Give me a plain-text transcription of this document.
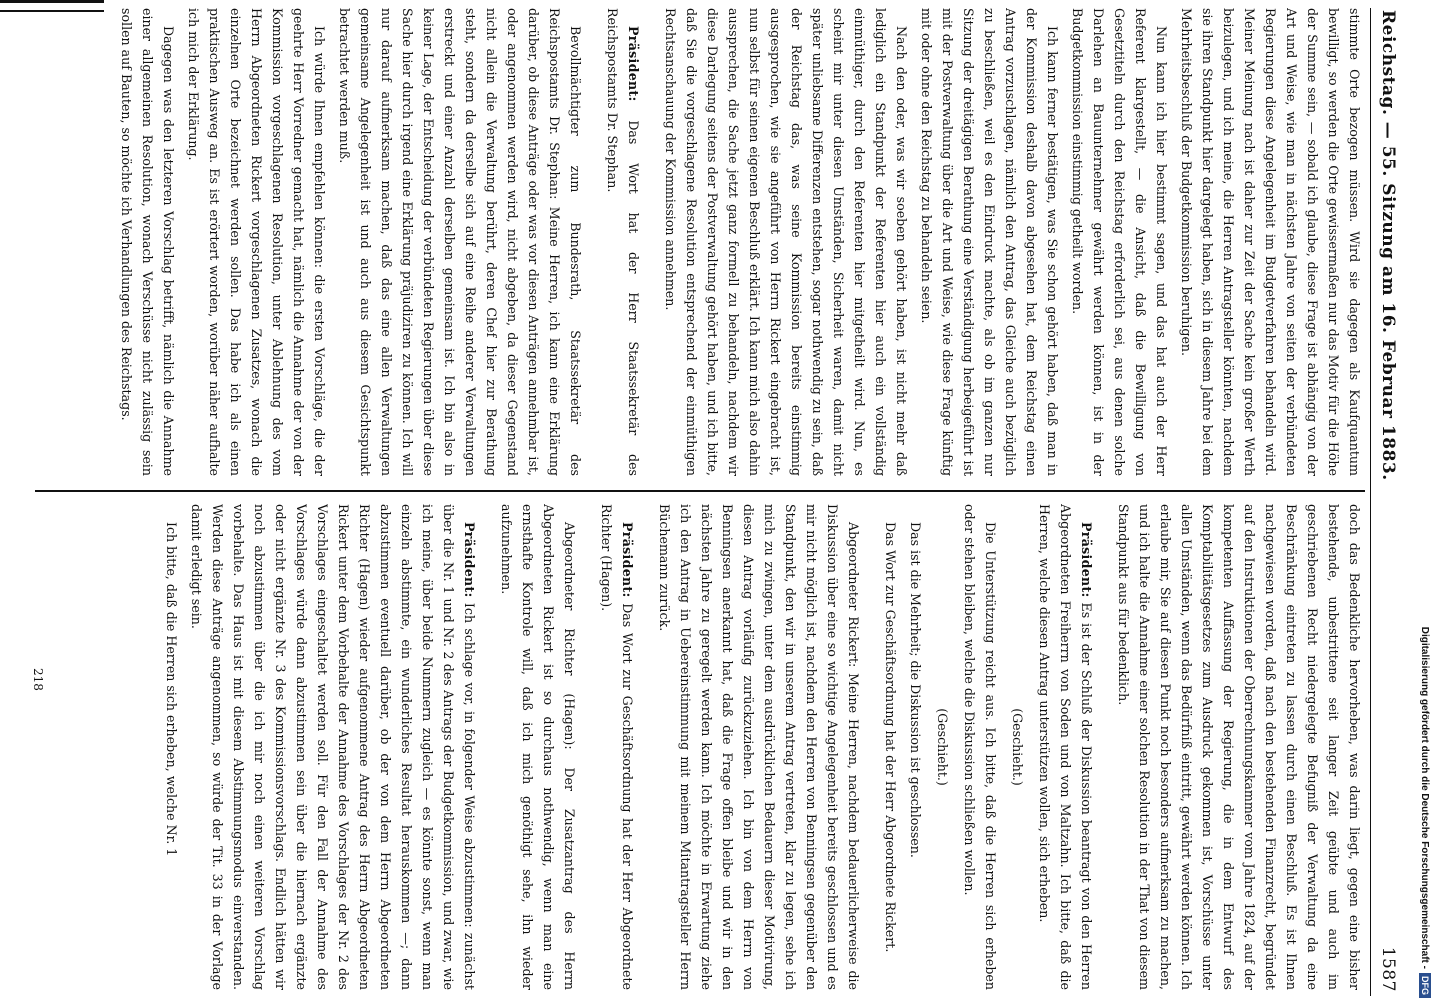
Reichstag. — 55. Sitzung am 16. Februar 1883.
1587

stimmte Orte bezogen müssen. Wird sie dagegen als Kaufquantum bewilligt, so werden die Orte gewissermaßen nur das Motiv für die Höhe der Summe sein, — sobald ich glaube, diese Frage ist abhängig von der Art und Weise, wie man in nächsten Jahre von seiten der verbündeten Regierungen diese Angelegenheit im Budgetverfahren behandeln wird. Meiner Meinung nach ist daher zur Zeit der Sache kein großer Werth beizulegen, und ich meine, die Herren Antragsteller könnten, nachdem sie ihren Standpunkt hier dargelegt haben, sich in diesem Jahre bei dem Mehrheitsbeschluß der Budgetkommission beruhigen.

Nun kann ich hier bestimmt sagen, und das hat auch der Herr Referent klargestellt, — die Ansicht, daß die Bewilligung von Gesetztiteln durch den Reichstag erforderlich sei, aus denen solche Darlehen an Bauunternehmer gewährt werden können, ist in der Budgetkommission einstimmig getheilt worden.

Ich kann ferner bestätigen, was Sie schon gehört haben, daß man in der Kommission deshalb davon abgesehen hat, dem Reichstag einen Antrag vorzuschlagen, nämlich den Antrag, das Gleiche auch bezüglich zu beschließen, weil es den Eindruck machte, als ob im ganzen nur Sitzung der dreitägigen Berathung eine Verständigung herbeigeführt ist mit der Postverwaltung über die Art und Weise, wie diese Frage künftig mit oder ohne den Reichstag zu behandeln seien.

Nach den oder, was wir soeben gehört haben, ist nicht mehr daß lediglich ein Standpunkt der Referenten hier auch ein vollständig einmüthiger, durch den Referenten hier mitgetheilt wird. Nun, es scheint mir unter diesen Umständen, Sicherheit waren, damit nicht später unliebsame Differenzen entstehen, sogar nothwendig zu sein, daß der Reichstag das, was seine Kommission bereits einstimmig ausgesprochen, wie sie angeführt von Herrn Rickert eingebracht ist, nun selbst für seinen eigenen Beschluß erklärt. Ich kann mich also dahin aussprechen, die Sache jetzt ganz formell zu behandeln, nachdem wir diese Darlegung seitens der Postverwaltung gehört haben, und ich bitte, daß Sie die vorgeschlagene Resolution entsprechend der einmüthigen Rechtsanschauung der Kommission annehmen.

Präsident: Das Wort hat der Herr Staatssekretär des Reichspostamts Dr. Stephan.

Bevollmächtigter zum Bundesrath, Staatssekretär des Reichspostamts Dr. Stephan: Meine Herren, ich kann eine Erklärung darüber, ob diese Anträge oder was vor diesen Anträgen annehmbar ist, oder angenommen werden wird, nicht abgeben, da dieser Gegenstand nicht allein die Verwaltung berührt, deren Chef hier zur Berathung steht, sondern da derselbe sich auf eine Reihe anderer Verwaltungen erstreckt und einer Anzahl derselben gemeinsam ist. Ich bin also in keiner Lage, der Entscheidung der verbündeten Regierungen über diese Sache hier durch irgend eine Erklärung präjudiziren zu können. Ich will nur darauf aufmerksam machen, daß das eine allen Verwaltungen gemeinsame Angelegenheit ist und auch aus diesem Gesichtspunkt betrachtet werden muß.

Ich würde Ihnen empfehlen können: die ersten Vorschläge, die der geehrte Herr Vorredner gemacht hat, nämlich die Annahme der von der Kommission vorgeschlagenen Resolution, unter Ablehnung des vom Herrn Abgeordneten Rickert vorgeschlagenen Zusatzes, wonach die einzelnen Orte bezeichnet werden sollen. Das habe ich als einen praktischen Ausweg an. Es ist erörtert worden, worüber näher aufhalte ich mich der Erklärung.

Dagegen was den letzteren Vorschlag betrifft, nämlich die Annahme einer allgemeinen Resolution, wonach Verschüsse nicht zulässig sein sollen auf Bauten, so möchte ich Verhandlungen des Reichstags.

doch das Bedenkliche hervorheben, was darin liegt, gegen eine bisher bestehende, unbestrittene seit langer Zeit geübte und auch im geschriebenen Recht niedergelegte Befugniß der Verwaltung da eine Beschränkung eintreten zu lassen durch einen Beschluß. Es ist Ihnen nachgewiesen worden, daß nach den bestehenden Finanzrecht, begründet auf den Instruktionen der Oberrechnungskammer vom Jahre 1824, auf der kompetenten Auffassung der Regierung, die in dem Entwurf des Komptabilitätsgesetzes zum Ausdruck gekommen ist, Vorschüsse unter allen Umständen, wenn das Bedürfniß eintritt, gewährt werden können. Ich erlaube mir, Sie auf diesen Punkt noch besonders aufmerksam zu machen, und ich halte die Annahme einer solchen Resolution in der That von diesem Standpunkt aus für bedenklich.

Präsident: Es ist der Schluß der Diskussion beantragt von den Herren Abgeordneten Freiherrn von Soden und von Maltzahn. Ich bitte, daß die Herren, welche diesen Antrag unterstützen wollen, sich erheben.

(Geschieht.)

Die Unterstützung reicht aus. Ich bitte, daß die Herren sich erheben oder stehen bleiben, welche die Diskussion schließen wollen.

(Geschieht.)

Das ist die Mehrheit; die Diskussion ist geschlossen.

Das Wort zur Geschäftsordnung hat der Herr Abgeordnete Rickert.

Abgeordneter Rickert: Meine Herren, nachdem bedauerlicherweise die Diskussion über eine so wichtige Angelegenheit bereits geschlossen und es mir nicht möglich ist, nachdem den Herren von Benningsen gegenüber den Standpunkt, den wir in unserem Antrag vertreten, klar zu legen, sehe ich mich zu zwingen, unter dem ausdrücklichen Bedauern dieser Motivirung, diesen Antrag vorläufig zurückzuziehen. Ich bin von dem Herrn von Benningsen anerkannt hat, daß die Frage offen bleibe und wir in den nächsten Jahre zu geregelt werden kann. Ich möchte in Erwartung ziehe ich den Antrag in Uebereinstimmung mit meinem Mitantragsteller Herrn Büchemann zurück.

Präsident: Das Wort zur Geschäftsordnung hat der Herr Abgeordnete Richter (Hagen).

Abgeordneter Richter (Hagen): Der Zusatzantrag des Herrn Abgeordneten Rickert ist so durchaus nothwendig, wenn man eine ernsthafte Kontrole will, daß ich mich genöthigt sehe, ihn wieder aufzunehmen.

Präsident: Ich schlage vor, in folgender Weise abzustimmen: zunächst über die Nr. 1 und Nr. 2 des Antrags der Budgetkommission, und zwar, wie ich meine, über beide Nummern zugleich — es könnte sonst, wenn man einzeln abstimmte, ein wunderliches Resultat herauskommen —; dann abzustimmen eventuell darüber, ob der von dem Herrn Abgeordneten Richter (Hagen) wieder aufgenommene Antrag des Herrn Abgeordneten Rickert unter dem Vorbehalte der Annahme des Vorschlages der Nr. 2 des Vorschlages eingeschaltet werden soll. Für den Fall der Annahme des Vorschlages würde dann abzustimmen sein über die hiernach ergänzte oder nicht ergänzte Nr. 3 des Kommissionsvorschlags. Endlich hätten wir noch abzustimmen über die ich mir noch einen weiteren Vorschlag vorbehalte. Das Haus ist mit diesem Abstimmungsmodus einverstanden. Werden diese Anträge angenommen, so würde der Tit. 33 in der Vorlage damit erledigt sein.

Ich bitte, daß die Herren sich erheben, welche Nr. 1

218	Digitalisierung gefördert durch die Deutsche Forschungsgemeinschaft -
DFG
